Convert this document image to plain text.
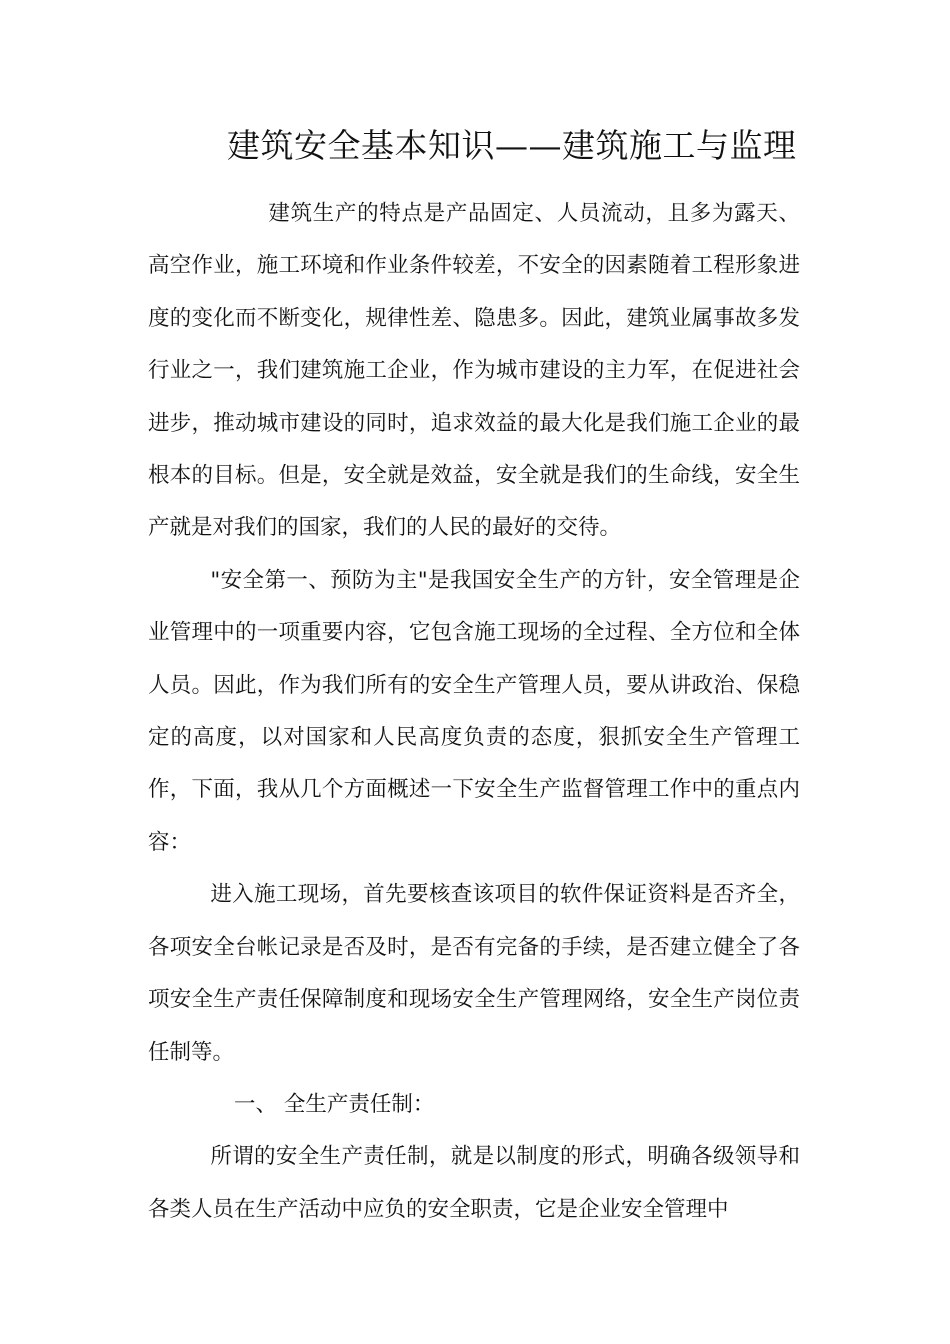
建筑安全基本知识——建筑施工与监理

建筑生产的特点是产品固定、人员流动，且多为露天、高空作业，施工环境和作业条件较差，不安全的因素随着工程形象进度的变化而不断变化，规律性差、隐患多。因此，建筑业属事故多发行业之一，我们建筑施工企业，作为城市建设的主力军，在促进社会进步，推动城市建设的同时，追求效益的最大化是我们施工企业的最根本的目标。但是，安全就是效益，安全就是我们的生命线，安全生产就是对我们的国家，我们的人民的最好的交待。

"安全第一、预防为主"是我国安全生产的方针，安全管理是企业管理中的一项重要内容，它包含施工现场的全过程、全方位和全体人员。因此，作为我们所有的安全生产管理人员，要从讲政治、保稳定的高度，以对国家和人民高度负责的态度，狠抓安全生产管理工作，下面，我从几个方面概述一下安全生产监督管理工作中的重点内容：

进入施工现场，首先要核查该项目的软件保证资料是否齐全，各项安全台帐记录是否及时，是否有完备的手续，是否建立健全了各项安全生产责任保障制度和现场安全生产管理网络，安全生产岗位责任制等。

一、 全生产责任制：

所谓的安全生产责任制，就是以制度的形式，明确各级领导和各类人员在生产活动中应负的安全职责，它是企业安全管理中
